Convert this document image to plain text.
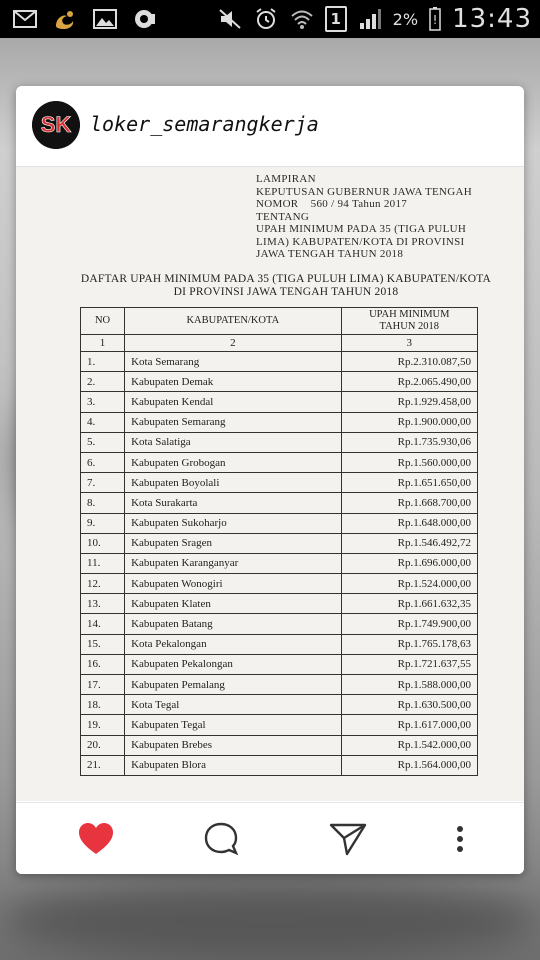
1	2% ! 13:43
SK loker_semarangkerja
LAMPIRAN
KEPUTUSAN GUBERNUR JAWA TENGAH
NOMOR    560 / 94 Tahun 2017
TENTANG
UPAH MINIMUM PADA 35 (TIGA PULUH
LIMA) KABUPATEN/KOTA DI PROVINSI
JAWA TENGAH TAHUN 2018
DAFTAR UPAH MINIMUM PADA 35 (TIGA PULUH LIMA) KABUPATEN/KOTA
DI PROVINSI JAWA TENGAH TAHUN 2018
NO	KABUPATEN/KOTA	UPAH MINIMUM
TAHUN 2018

1	2	3
1.	Kota Semarang	Rp.2.310.087,50
2.	Kabupaten Demak	Rp.2.065.490,00
3.	Kabupaten Kendal	Rp.1.929.458,00
4.	Kabupaten Semarang	Rp.1.900.000,00
5.	Kota Salatiga	Rp.1.735.930,06
6.	Kabupaten Grobogan	Rp.1.560.000,00
7.	Kabupaten Boyolali	Rp.1.651.650,00
8.	Kota Surakarta	Rp.1.668.700,00
9.	Kabupaten Sukoharjo	Rp.1.648.000,00
10.	Kabupaten Sragen	Rp.1.546.492,72
11.	Kabupaten Karanganyar	Rp.1.696.000,00
12.	Kabupaten Wonogiri	Rp.1.524.000,00
13.	Kabupaten Klaten	Rp.1.661.632,35
14.	Kabupaten Batang	Rp.1.749.900,00
15.	Kota Pekalongan	Rp.1.765.178,63
16.	Kabupaten Pekalongan	Rp.1.721.637,55
17.	Kabupaten Pemalang	Rp.1.588.000,00
18.	Kota Tegal	Rp.1.630.500,00
19.	Kabupaten Tegal	Rp.1.617.000,00
20.	Kabupaten Brebes	Rp.1.542.000,00
21.	Kabupaten Blora	Rp.1.564.000,00
